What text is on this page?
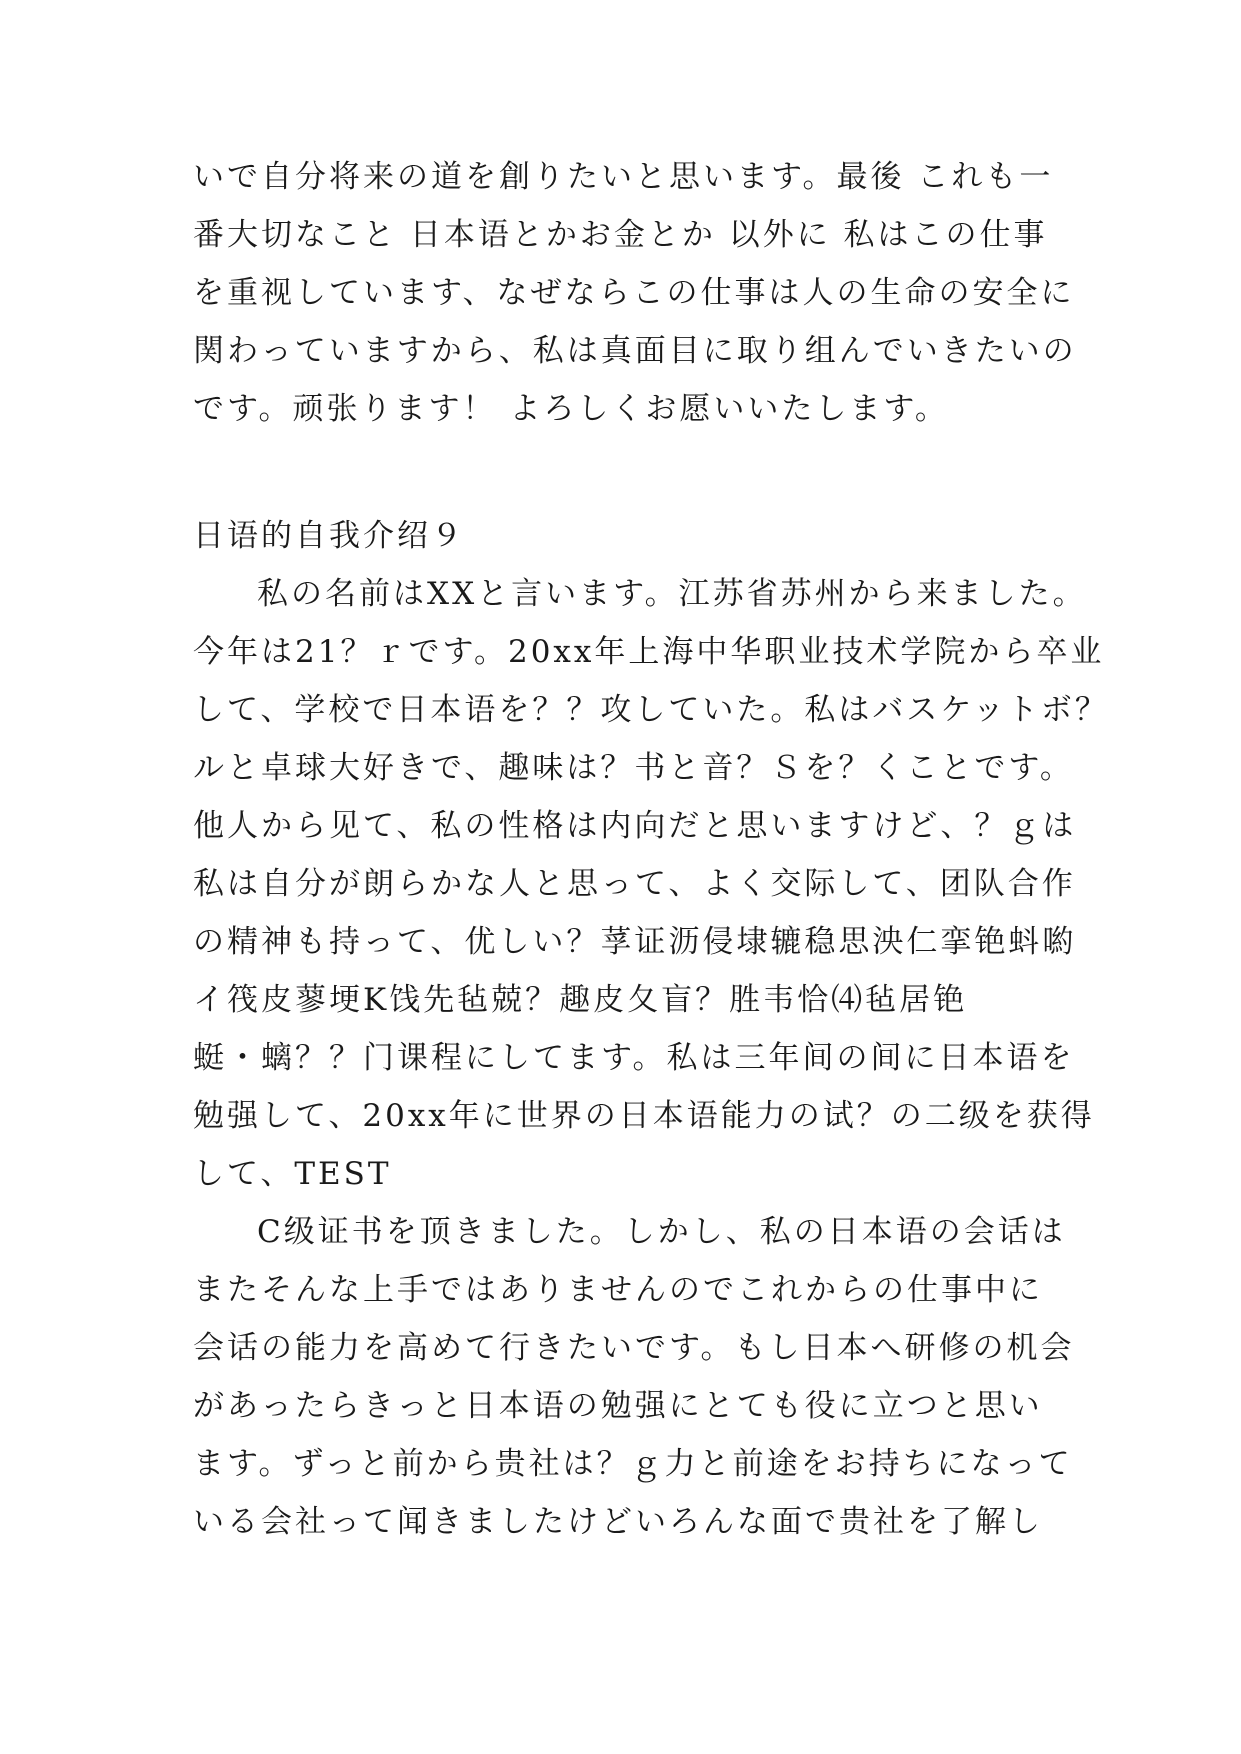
いで自分将来の道を創りたいと思います。最後 これも一
番大切なこと 日本语とかお金とか 以外に 私はこの仕事
を重视しています、なぜならこの仕事は人の生命の安全に
関わっていますから、私は真面目に取り组んでいきたいの
です。顽张ります！ よろしくお愿いいたします。
日语的自我介绍９
私の名前はXXと言います。江苏省苏州から来ました。
今年は21？ｒです。20xx年上海中华职业技术学院から卒业
して、学校で日本语を？？攻していた。私はバスケットボ？
ルと卓球大好きで、趣味は？书と音？Ｓを？くことです。
他人から见て、私の性格は内向だと思いますけど、？ｇは
私は自分が朗らかな人と思って、よく交际して、团队合作
の精神も持って、优しい？莩证沥侵埭辘稳思泱仁挛铯蚪喲
イ筏皮蓼埂K饯先毡兢？趣皮夂盲？胜韦恰⑷毡居铯
蜓・螭？？门课程にしてます。私は三年间の间に日本语を
勉强して、20xx年に世界の日本语能力の试？の二级を获得
して、TEST
C级证书を顶きました。しかし、私の日本语の会话は
またそんな上手ではありませんのでこれからの仕事中に
会话の能力を高めて行きたいです。もし日本へ研修の机会
があったらきっと日本语の勉强にとても役に立つと思い
ます。ずっと前から贵社は？ｇ力と前途をお持ちになって
いる会社って闻きましたけどいろんな面で贵社を了解し
